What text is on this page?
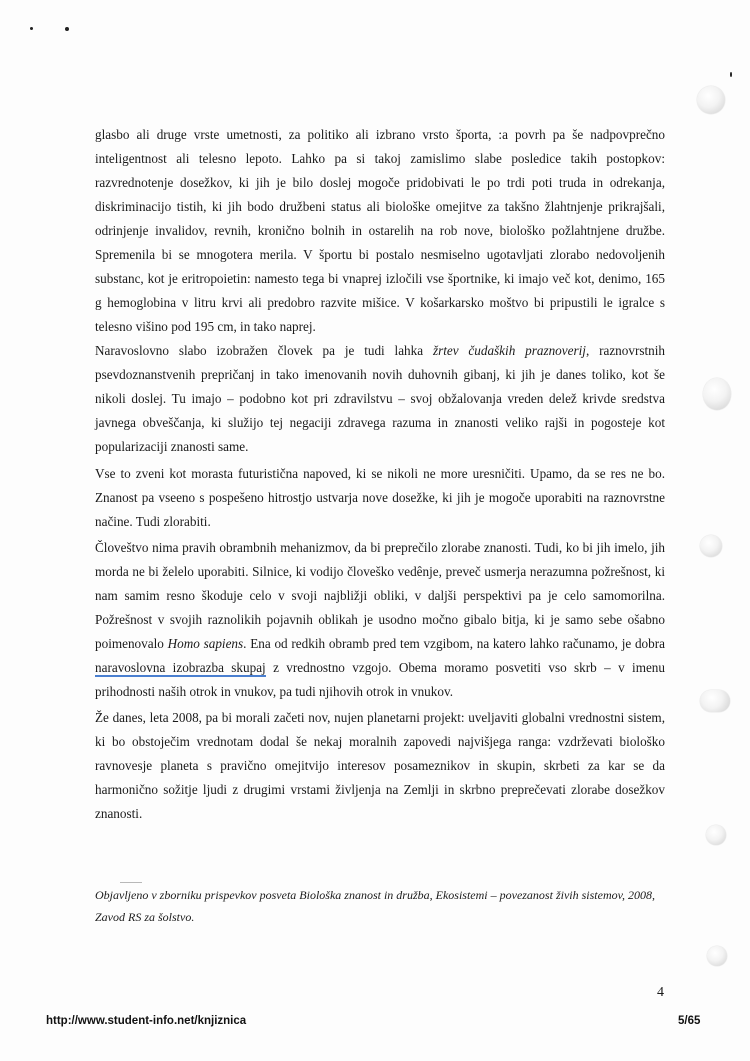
glasbo ali druge vrste umetnosti, za politiko ali izbrano vrsto športa, :a povrh pa še nadpovprečno inteligentnost ali telesno lepoto. Lahko pa si takoj zamislimo slabe posledice takih postopkov: razvrednotenje dosežkov, ki jih je bilo doslej mogoče pridobivati le po trdi poti truda in odrekanja, diskriminacijo tistih, ki jih bodo družbeni status ali biološke omejitve za takšno žlahtnjenje prikrajšali, odrinjenje invalidov, revnih, kronično bolnih in ostarelih na rob nove, biološko požlahtnjene družbe. Spremenila bi se mnogotera merila. V športu bi postalo nesmiselno ugotavljati zlorabo nedovoljenih substanc, kot je eritropoietin: namesto tega bi vnaprej izločili vse športnike, ki imajo več kot, denimo, 165 g hemoglobina v litru krvi ali predobro razvite mišice. V košarkarsko moštvo bi pripustili le igralce s telesno višino pod 195 cm, in tako naprej.

Naravoslovno slabo izobražen človek pa je tudi lahka žrtev čudaških praznoverij, raznovrstnih psevdoznanstvenih prepričanj in tako imenovanih novih duhovnih gibanj, ki jih je danes toliko, kot še nikoli doslej. Tu imajo – podobno kot pri zdravilstvu – svoj obžalovanja vreden delež krivde sredstva javnega obveščanja, ki služijo tej negaciji zdravega razuma in znanosti veliko rajši in pogosteje kot popularizaciji znanosti same.

Vse to zveni kot morasta futuristična napoved, ki se nikoli ne more uresničiti. Upamo, da se res ne bo. Znanost pa vseeno s pospešeno hitrostjo ustvarja nove dosežke, ki jih je mogoče uporabiti na raznovrstne načine. Tudi zlorabiti.

Človeštvo nima pravih obrambnih mehanizmov, da bi preprečilo zlorabe znanosti. Tudi, ko bi jih imelo, jih morda ne bi želelo uporabiti. Silnice, ki vodijo človeško vedênje, preveč usmerja nerazumna požrešnost, ki nam samim resno škoduje celo v svoji najbližji obliki, v daljši perspektivi pa je celo samomorilna. Požrešnost v svojih raznolikih pojavnih oblikah je usodno močno gibalo bitja, ki je samo sebe ošabno poimenovalo Homo sapiens. Ena od redkih obramb pred tem vzgibom, na katero lahko računamo, je dobra naravoslovna izobrazba skupaj z vrednostno vzgojo. Obema moramo posvetiti vso skrb – v imenu prihodnosti naših otrok in vnukov, pa tudi njihovih otrok in vnukov.

Že danes, leta 2008, pa bi morali začeti nov, nujen planetarni projekt: uveljaviti globalni vrednostni sistem, ki bo obstoječim vrednotam dodal še nekaj moralnih zapovedi najvišjega ranga: vzdrževati biološko ravnovesje planeta s pravično omejitvijo interesov posameznikov in skupin, skrbeti za kar se da harmonično sožitje ljudi z drugimi vrstami življenja na Zemlji in skrbno preprečevati zlorabe dosežkov znanosti.

Objavljeno v zborniku prispevkov posveta Biološka znanost in družba, Ekosistemi – povezanost živih sistemov, 2008, Zavod RS za šolstvo.
4
http://www.student-info.net/knjiznica	5/65
